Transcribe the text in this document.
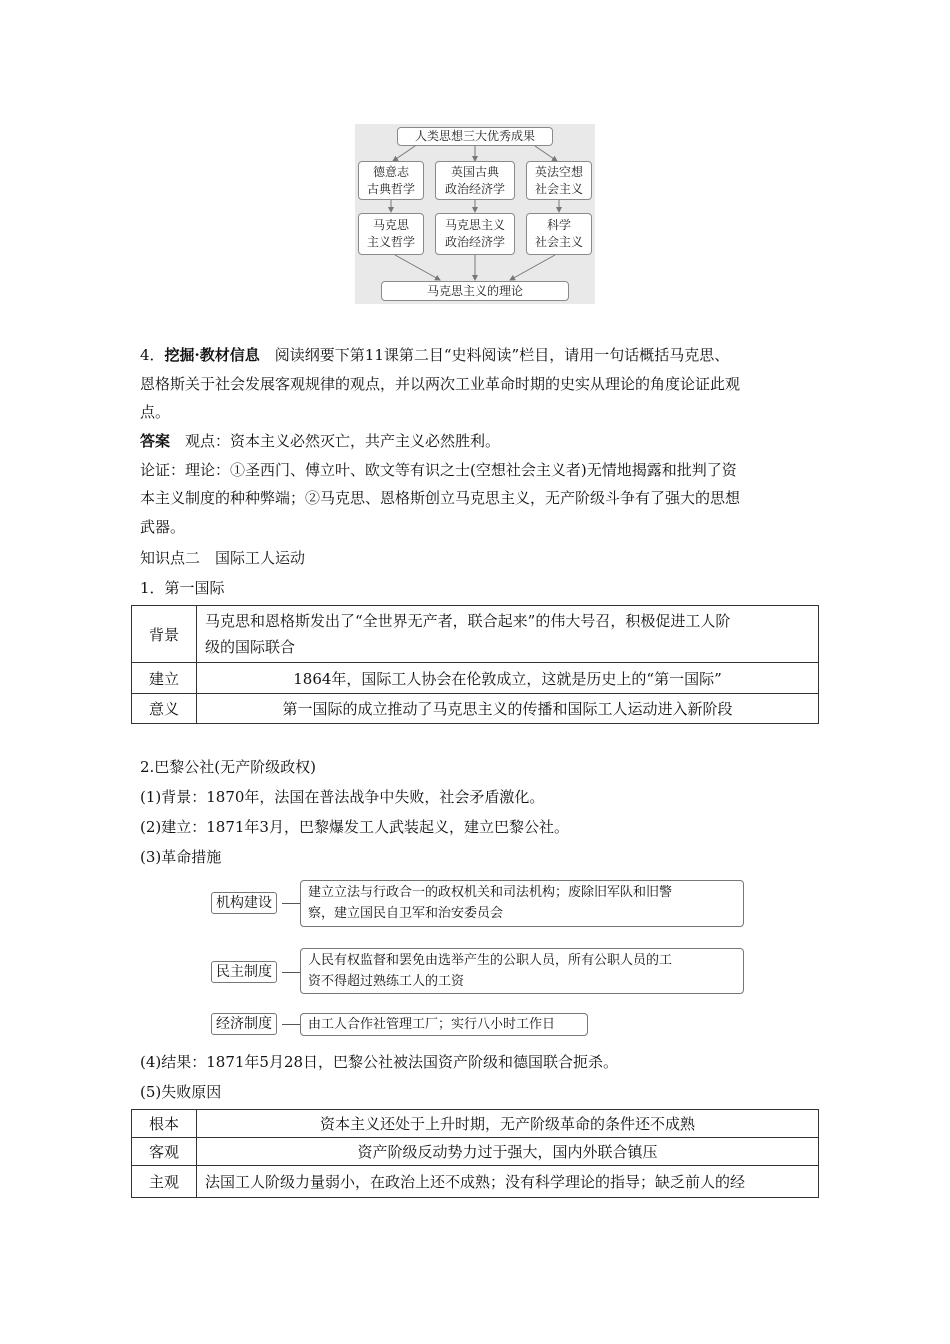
人类思想三大优秀成果
德意志
古典哲学
英国古典
政治经济学
英法空想
社会主义
马克思
主义哲学
马克思主义
政治经济学
科学
社会主义
马克思主义的理论
4．挖掘·教材信息　 阅读纲要下第11课第二目“史料阅读”栏目，请用一句话概括马克思、
恩格斯关于社会发展客观规律的观点，并以两次工业革命时期的史实从理论的角度论证此观
点。
答案　 观点：资本主义必然灭亡，共产主义必然胜利。
论证：理论：①圣西门、傅立叶、欧文等有识之士(空想社会主义者)无情地揭露和批判了资
本主义制度的种种弊端；②马克思、恩格斯创立马克思主义，无产阶级斗争有了强大的思想
武器。
知识点二　国际工人运动
1．第一国际
背景	马克思和恩格斯发出了“全世界无产者，联合起来”的伟大号召，积极促进工人阶
级的国际联合

建立	1864年，国际工人协会在伦敦成立，这就是历史上的“第一国际”
意义	第一国际的成立推动了马克思主义的传播和国际工人运动进入新阶段
2.巴黎公社(无产阶级政权)
(1)背景：1870年，法国在普法战争中失败，社会矛盾激化。
(2)建立：1871年3月，巴黎爆发工人武装起义，建立巴黎公社。
(3)革命措施
机构建设
建立立法与行政合一的政权机关和司法机构；废除旧军队和旧警
察，建立国民自卫军和治安委员会
民主制度
人民有权监督和罢免由选举产生的公职人员，所有公职人员的工
资不得超过熟练工人的工资
经济制度	由工人合作社管理工厂；实行八小时工作日
(4)结果：1871年5月28日，巴黎公社被法国资产阶级和德国联合扼杀。
(5)失败原因
根本	资本主义还处于上升时期，无产阶级革命的条件还不成熟
客观	资产阶级反动势力过于强大，国内外联合镇压
主观	法国工人阶级力量弱小，在政治上还不成熟；没有科学理论的指导；缺乏前人的经
